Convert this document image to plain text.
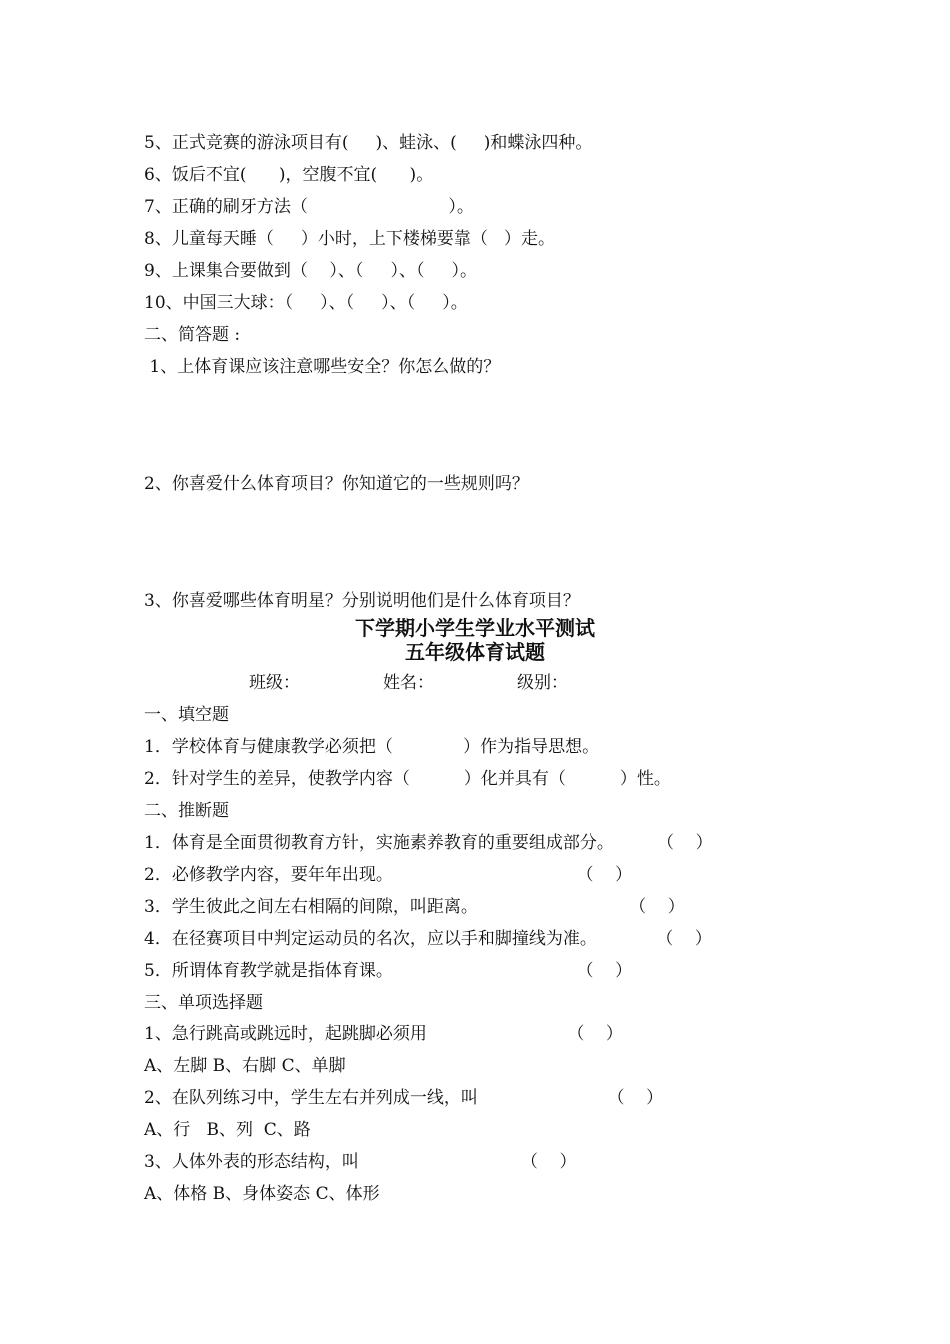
5、正式竞赛的游泳项目有(     )、蛙泳、(     )和蝶泳四种。
6、饭后不宜(      )，空腹不宜(      )。
7、正确的刷牙方法（                          ）。
8、儿童每天睡（     ）小时，上下楼梯要靠（   ）走。
9、上课集合要做到（    ）、（     ）、（     ）。
10、中国三大球：（     ）、（     ）、（     ）。
二、简答题 :
1、上体育课应该注意哪些安全？你怎么做的？
2、你喜爱什么体育项目？你知道它的一些规则吗？
3、你喜爱哪些体育明星？分别说明他们是什么体育项目？
下学期小学生学业水平测试
五年级体育试题
班级：	姓名：	级别：
一、填空题
1．学校体育与健康教学必须把（             ）作为指导思想。
2．针对学生的差异，使教学内容（          ）化并具有（          ）性。
二、推断题
1．体育是全面贯彻教育方针，实施素养教育的重要组成部分。        （    ）
2．必修教学内容，要年年出现。                                  （    ）
3．学生彼此之间左右相隔的间隙，叫距离。                            （    ）
4．在径赛项目中判定运动员的名次，应以手和脚撞线为准。           （    ）
5．所谓体育教学就是指体育课。                                  （    ）
三、单项选择题
1、急行跳高或跳远时，起跳脚必须用                          （    ）
A、左脚 B、右脚 C、单脚
2、在队列练习中，学生左右并列成一线，叫                        （    ）
A、行   B、列  C、路
3、人体外表的形态结构，叫                              （    ）
A、体格 B、身体姿态 C、体形
